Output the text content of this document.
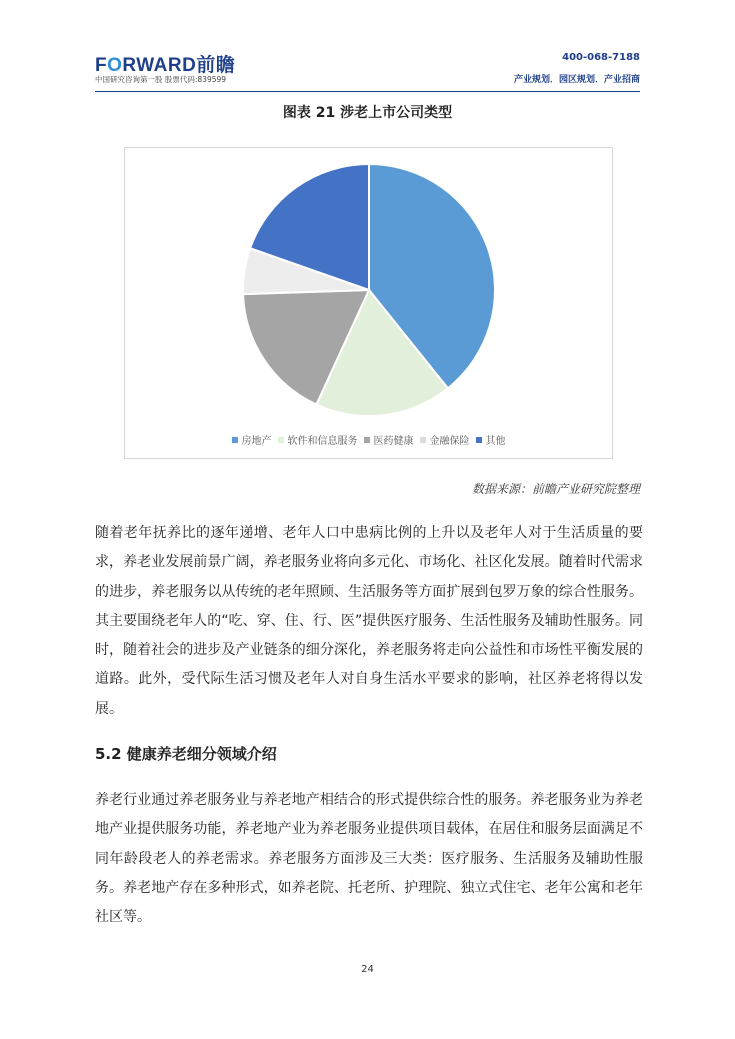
FORWARD前瞻
中国研究咨询第一股 股票代码:839599
400-068-7188
产业规划．园区规划．产业招商
图表 21 涉老上市公司类型
房地产 软件和信息服务 医药健康 金融保险 其他
数据来源：前瞻产业研究院整理

随着老年抚养比的逐年递增、老年人口中患病比例的上升以及老年人对于生活质量的要求，养老业发展前景广阔，养老服务业将向多元化、市场化、社区化发展。随着时代需求的进步，养老服务以从传统的老年照顾、生活服务等方面扩展到包罗万象的综合性服务。其主要围绕老年人的“吃、穿、住、行、医”提供医疗服务、生活性服务及辅助性服务。同时，随着社会的进步及产业链条的细分深化，养老服务将走向公益性和市场性平衡发展的道路。此外，受代际生活习惯及老年人对自身生活水平要求的影响，社区养老将得以发展。

5.2 健康养老细分领域介绍

养老行业通过养老服务业与养老地产相结合的形式提供综合性的服务。养老服务业为养老地产业提供服务功能，养老地产业为养老服务业提供项目载体，在居住和服务层面满足不同年龄段老人的养老需求。养老服务方面涉及三大类：医疗服务、生活服务及辅助性服务。养老地产存在多种形式，如养老院、托老所、护理院、独立式住宅、老年公寓和老年社区等。

24
